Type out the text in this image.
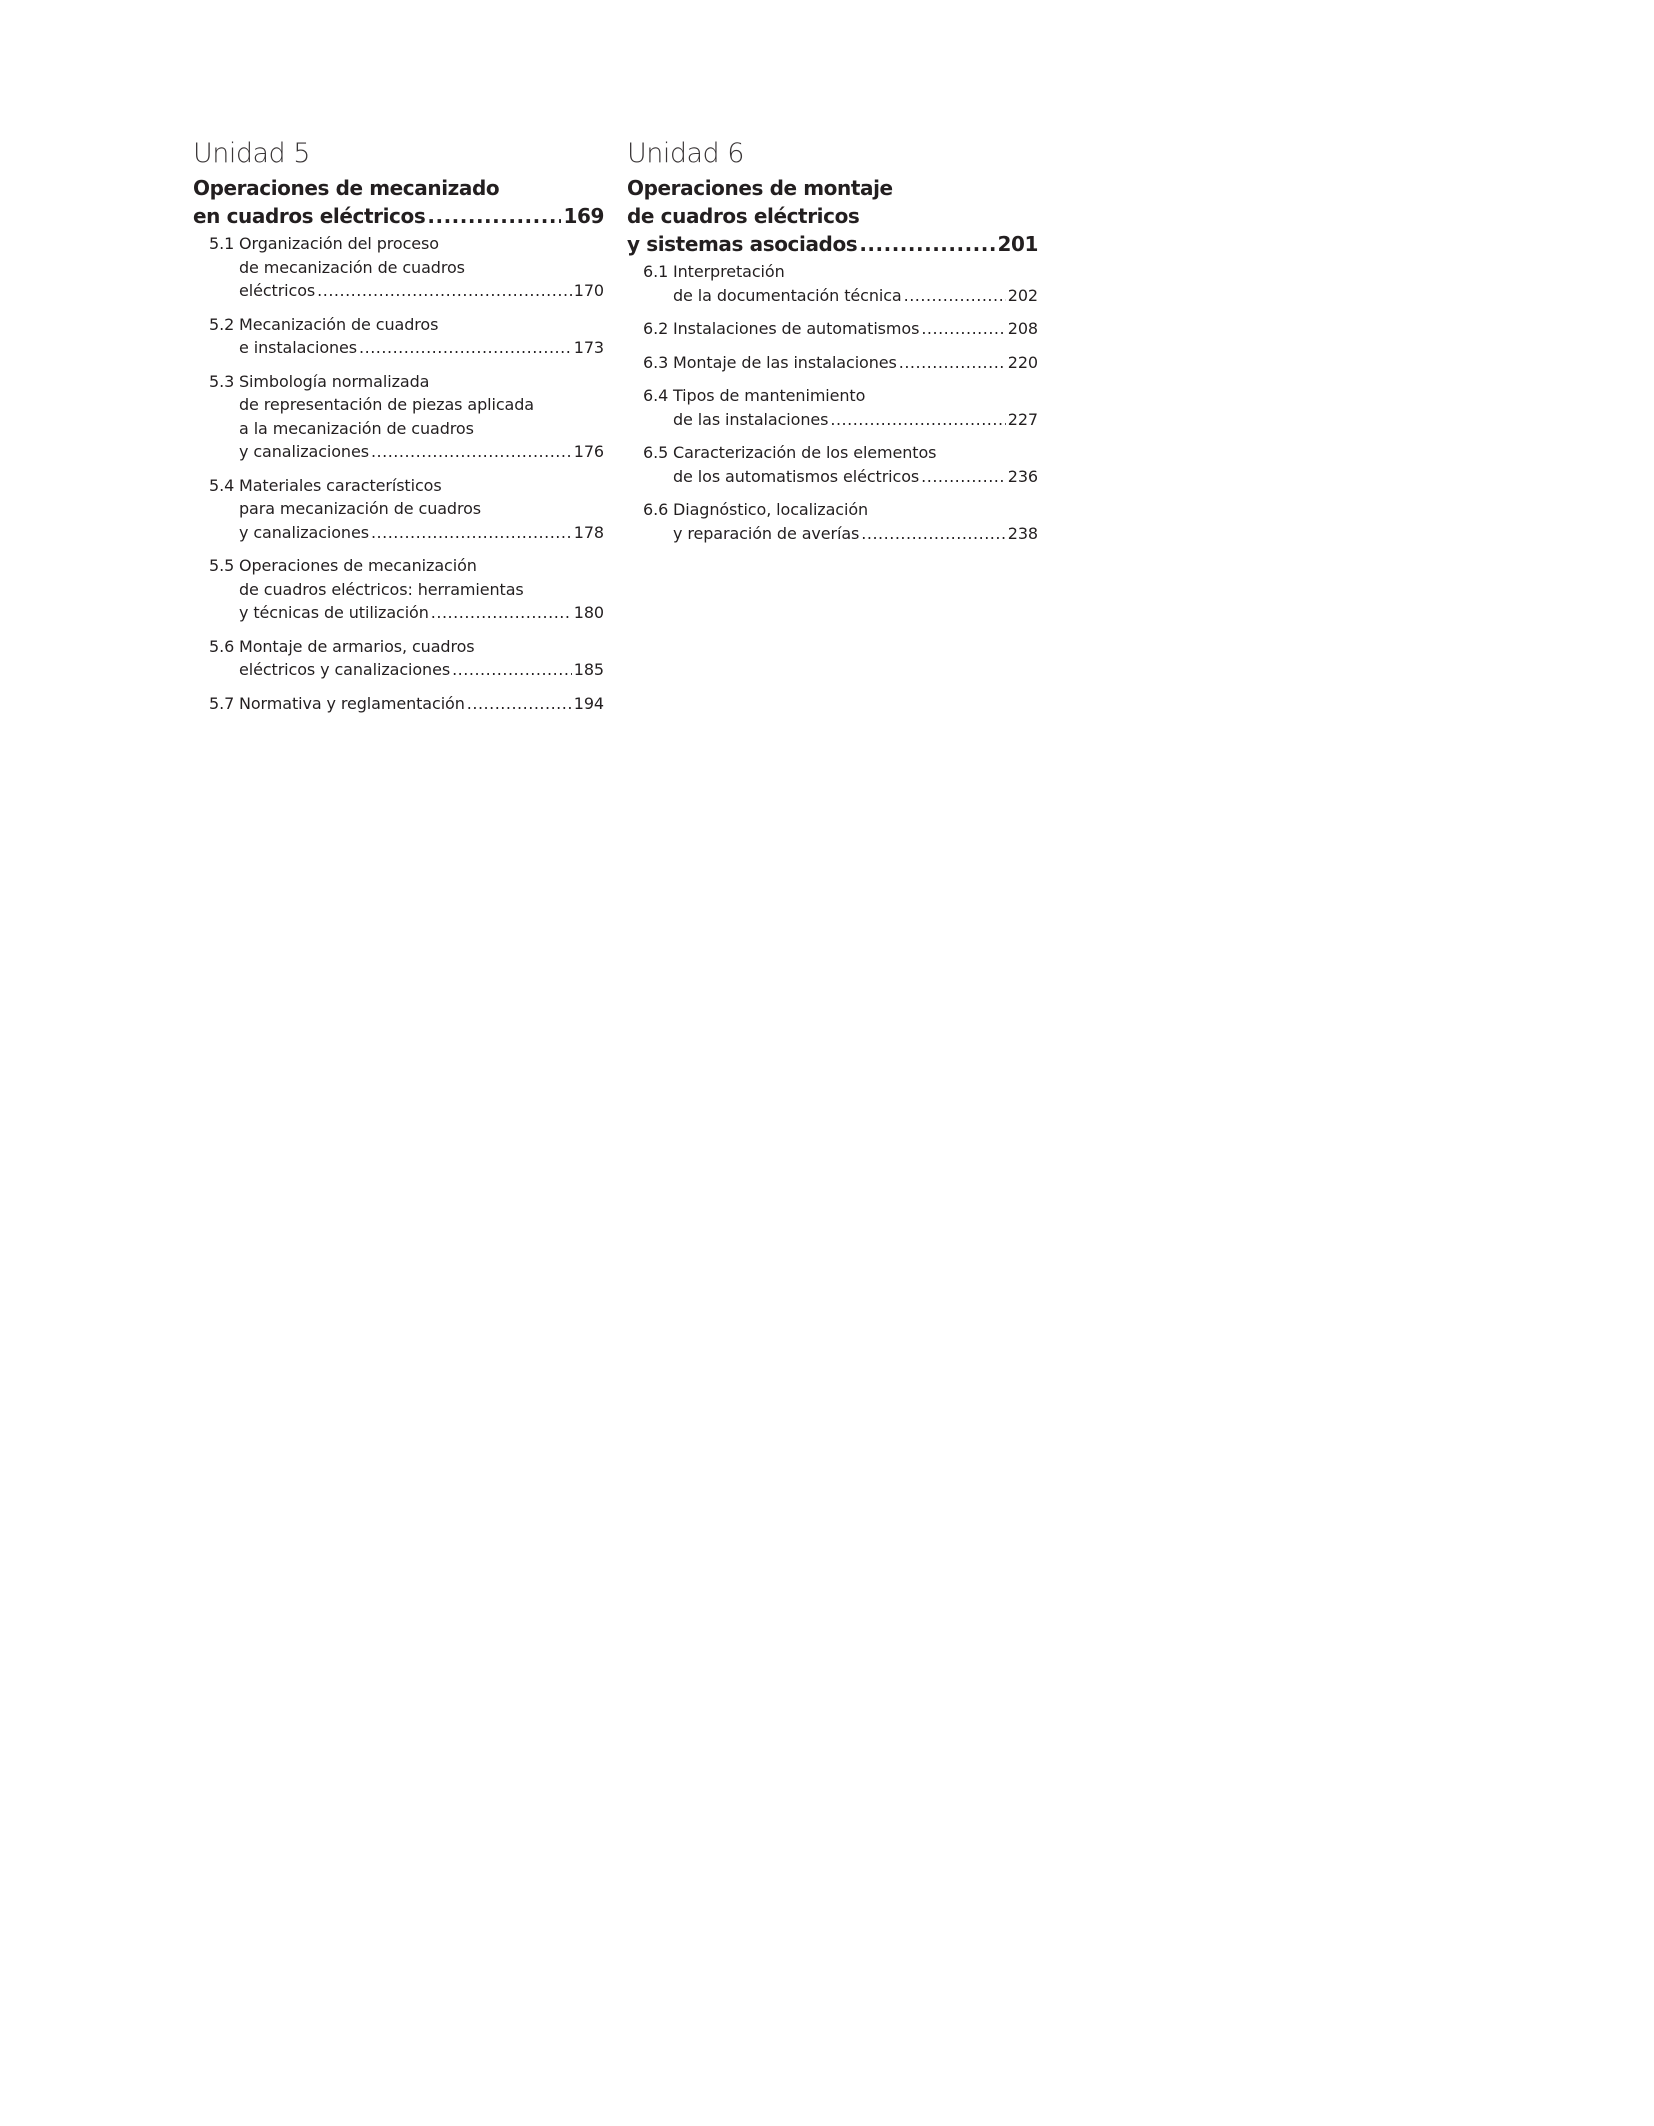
Unidad 5
Operaciones de mecanizado
en cuadros eléctricos .....	169
5.1 Organización del proceso
de mecanización de cuadros
eléctricos .....	170
5.2 Mecanización de cuadros
e instalaciones .....	173
5.3 Simbología normalizada
de representación de piezas aplicada
a la mecanización de cuadros
y canalizaciones .....	176
5.4 Materiales característicos
para mecanización de cuadros
y canalizaciones .....	178
5.5 Operaciones de mecanización
de cuadros eléctricos: herramientas
y técnicas de utilización .....	180
5.6 Montaje de armarios, cuadros
eléctricos y canalizaciones .....	185
5.7 Normativa y reglamentación .....	194
Unidad 6
Operaciones de montaje
de cuadros eléctricos
y sistemas asociados .....	201
6.1 Interpretación
de la documentación técnica .....	202
6.2 Instalaciones de automatismos .....	208
6.3 Montaje de las instalaciones .....	220
6.4 Tipos de mantenimiento
de las instalaciones .....	227
6.5 Caracterización de los elementos
de los automatismos eléctricos .....	236
6.6 Diagnóstico, localización
y reparación de averías .....	238
